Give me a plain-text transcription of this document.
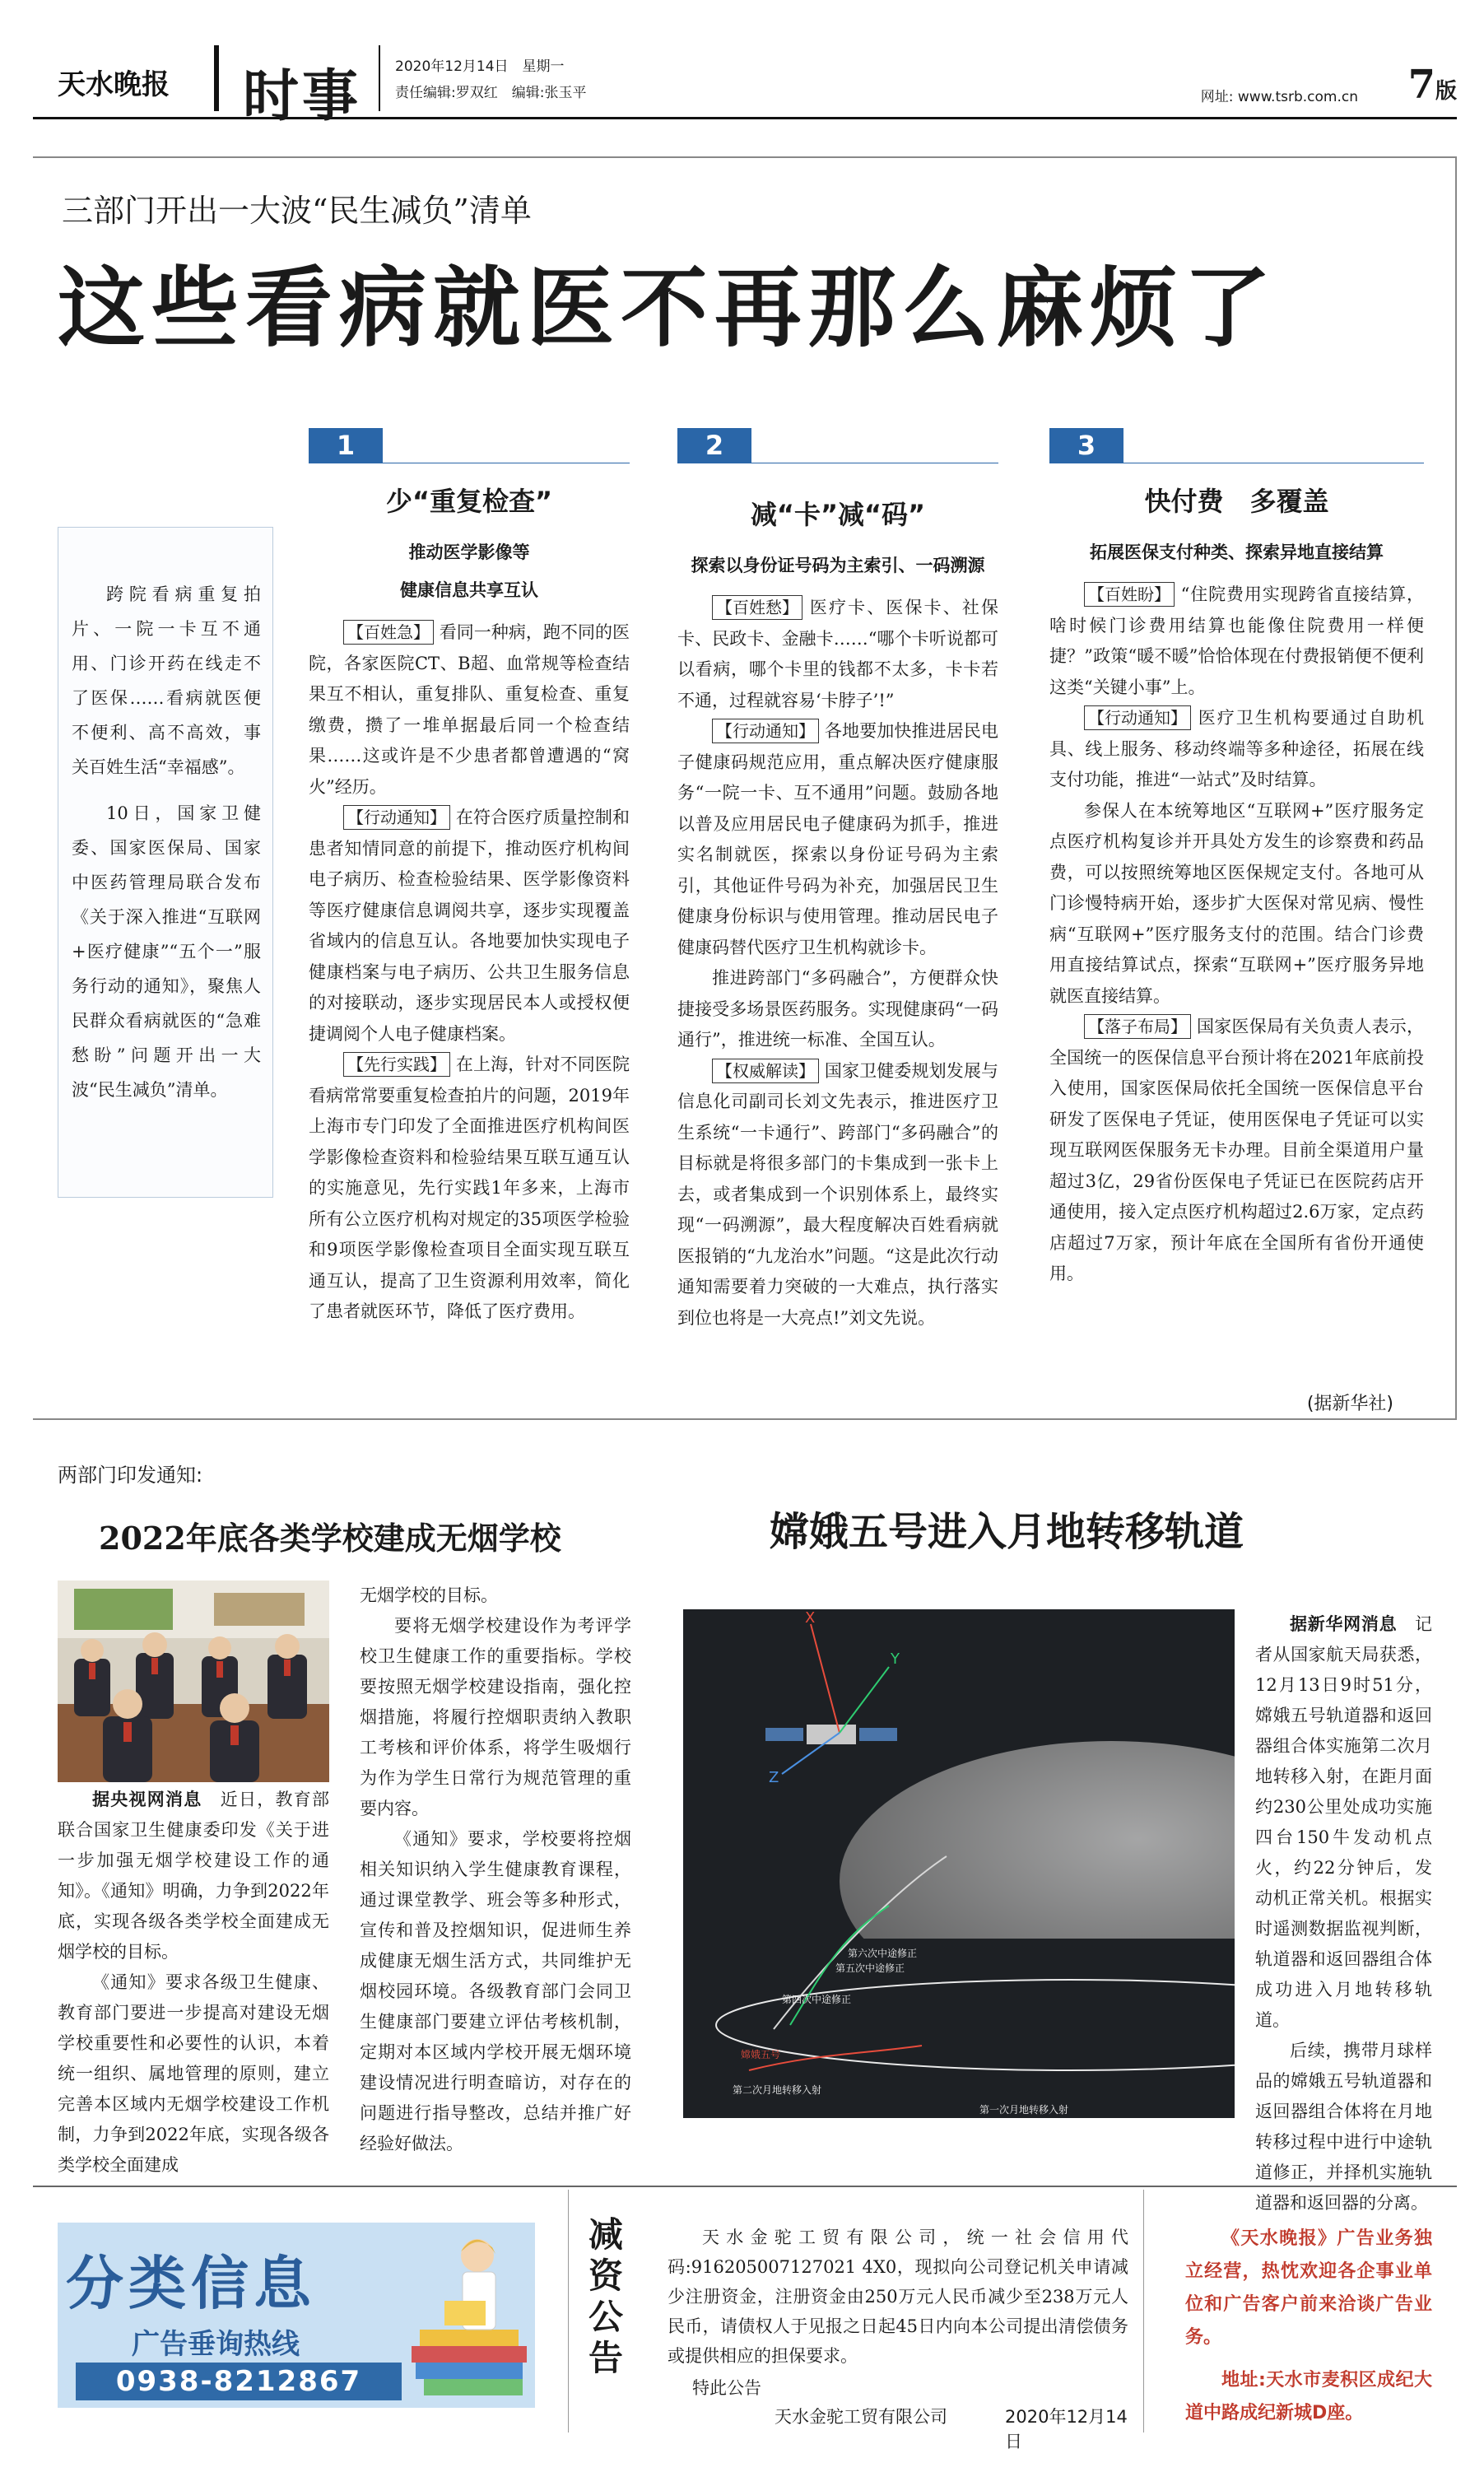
天水晚报 时事 2020年12月14日　星期一
责任编辑:罗双红　编辑:张玉平	网址: www.tsrb.com.cn 7版
三部门开出一大波“民生减负”清单
这些看病就医不再那么麻烦了

跨院看病重复拍片、一院一卡互不通用、门诊开药在线走不了医保……看病就医便不便利、高不高效，事关百姓生活“幸福感”。

10日，国家卫健委、国家医保局、国家中医药管理局联合发布《关于深入推进“互联网+医疗健康”“五个一”服务行动的通知》，聚焦人民群众看病就医的“急难愁盼”问题开出一大波“民生减负”清单。

1
少“重复检查”
推动医学影像等
健康信息共享互认

【百姓急】 看同一种病，跑不同的医院，各家医院CT、B超、血常规等检查结果互不相认，重复排队、重复检查、重复缴费，攒了一堆单据最后同一个检查结果……这或许是不少患者都曾遭遇的“窝火”经历。

【行动通知】 在符合医疗质量控制和患者知情同意的前提下，推动医疗机构间电子病历、检查检验结果、医学影像资料等医疗健康信息调阅共享，逐步实现覆盖省域内的信息互认。各地要加快实现电子健康档案与电子病历、公共卫生服务信息的对接联动，逐步实现居民本人或授权便捷调阅个人电子健康档案。

【先行实践】 在上海，针对不同医院看病常常要重复检查拍片的问题，2019年上海市专门印发了全面推进医疗机构间医学影像检查资料和检验结果互联互通互认的实施意见，先行实践1年多来，上海市所有公立医疗机构对规定的35项医学检验和9项医学影像检查项目全面实现互联互通互认，提高了卫生资源利用效率，简化了患者就医环节，降低了医疗费用。

2
减“卡”减“码”
探索以身份证号码为主索引、一码溯源

【百姓愁】 医疗卡、医保卡、社保卡、民政卡、金融卡……“哪个卡听说都可以看病，哪个卡里的钱都不太多，卡卡若不通，过程就容易‘卡脖子’!”

【行动通知】 各地要加快推进居民电子健康码规范应用，重点解决医疗健康服务“一院一卡、互不通用”问题。鼓励各地以普及应用居民电子健康码为抓手，推进实名制就医，探索以身份证号码为主索引，其他证件号码为补充，加强居民卫生健康身份标识与使用管理。推动居民电子健康码替代医疗卫生机构就诊卡。

推进跨部门“多码融合”，方便群众快捷接受多场景医药服务。实现健康码“一码通行”，推进统一标准、全国互认。

【权威解读】 国家卫健委规划发展与信息化司副司长刘文先表示，推进医疗卫生系统“一卡通行”、跨部门“多码融合”的目标就是将很多部门的卡集成到一张卡上去，或者集成到一个识别体系上，最终实现“一码溯源”，最大程度解决百姓看病就医报销的“九龙治水”问题。“这是此次行动通知需要着力突破的一大难点，执行落实到位也将是一大亮点!”刘文先说。

3
快付费　多覆盖
拓展医保支付种类、探索异地直接结算

【百姓盼】 “住院费用实现跨省直接结算，啥时候门诊费用结算也能像住院费用一样便捷？”政策“暖不暖”恰恰体现在付费报销便不便利这类“关键小事”上。

【行动通知】 医疗卫生机构要通过自助机具、线上服务、移动终端等多种途径，拓展在线支付功能，推进“一站式”及时结算。

参保人在本统筹地区“互联网+”医疗服务定点医疗机构复诊并开具处方发生的诊察费和药品费，可以按照统筹地区医保规定支付。各地可从门诊慢特病开始，逐步扩大医保对常见病、慢性病“互联网+”医疗服务支付的范围。结合门诊费用直接结算试点，探索“互联网+”医疗服务异地就医直接结算。

【落子布局】 国家医保局有关负责人表示，全国统一的医保信息平台预计将在2021年底前投入使用，国家医保局依托全国统一医保信息平台研发了医保电子凭证，使用医保电子凭证可以实现互联网医保服务无卡办理。目前全渠道用户量超过3亿，29省份医保电子凭证已在医院药店开通使用，接入定点医疗机构超过2.6万家，定点药店超过7万家，预计年底在全国所有省份开通使用。

(据新华社)
两部门印发通知:
2022年底各类学校建成无烟学校

据央视网消息　 近日，教育部联合国家卫生健康委印发《关于进一步加强无烟学校建设工作的通知》。《通知》明确，力争到2022年底，实现各级各类学校全面建成无烟学校的目标。

《通知》要求各级卫生健康、教育部门要进一步提高对建设无烟学校重要性和必要性的认识，本着统一组织、属地管理的原则，建立完善本区域内无烟学校建设工作机制，力争到2022年底，实现各级各类学校全面建成

无烟学校的目标。

要将无烟学校建设作为考评学校卫生健康工作的重要指标。学校要按照无烟学校建设指南，强化控烟措施，将履行控烟职责纳入教职工考核和评价体系，将学生吸烟行为作为学生日常行为规范管理的重要内容。

《通知》要求，学校要将控烟相关知识纳入学生健康教育课程，通过课堂教学、班会等多种形式，宣传和普及控烟知识，促进师生养成健康无烟生活方式，共同维护无烟校园环境。各级教育部门会同卫生健康部门要建立评估考核机制，定期对本区域内学校开展无烟环境建设情况进行明查暗访，对存在的问题进行指导整改，总结并推广好经验好做法。

嫦娥五号进入月地转移轨道
X
Y
Z
第六次中途修正
第五次中途修正
第四次中途修正
嫦娥五号
第二次月地转移入射
第一次月地转移入射

据新华网消息　 记者从国家航天局获悉，12月13日9时51分，嫦娥五号轨道器和返回器组合体实施第二次月地转移入射，在距月面约230公里处成功实施四台150牛发动机点火，约22分钟后，发动机正常关机。根据实时遥测数据监视判断，轨道器和返回器组合体成功进入月地转移轨道。

后续，携带月球样品的嫦娥五号轨道器和返回器组合体将在月地转移过程中进行中途轨道修正，并择机实施轨道器和返回器的分离。

分类信息
广告垂询热线
0938-8212867
减资公告
天水金驼工贸有限公司，统一社会信用代码:916205007127021 4X0，现拟向公司登记机关申请减少注册资金，注册资金由250万元人民币减少至238万元人民币，请债权人于见报之日起45日内向本公司提出清偿债务或提供相应的担保要求。
特此公告
天水金驼工贸有限公司	2020年12月14日

《天水晚报》广告业务独立经营，热忱欢迎各企事业单位和广告客户前来洽谈广告业务。

地址:天水市麦积区成纪大道中路成纪新城D座。
